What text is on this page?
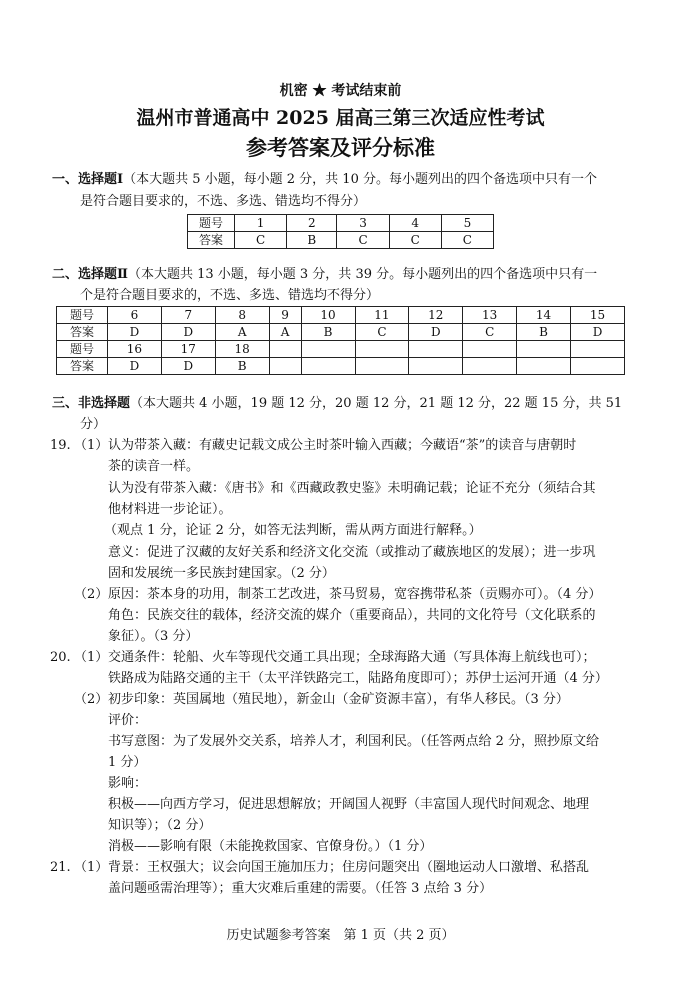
机密 ★ 考试结束前
温州市普通高中 2025 届高三第三次适应性考试
参考答案及评分标准
一、选择题Ⅰ（本大题共 5 小题，每小题 2 分，共 10 分。每小题列出的四个备选项中只有一个
是符合题目要求的，不选、多选、错选均不得分）
题号	1	2	3	4	5
答案	C	B	C	C	C
二、选择题Ⅱ（本大题共 13 小题，每小题 3 分，共 39 分。每小题列出的四个备选项中只有一
个是符合题目要求的，不选、多选、错选均不得分）
题号	6	7	8	9	10	11	12	13	14	15
答案	D	D	A	A	B	C	D	C	B	D
题号	16	17	18							
答案	D	D	B							
三、非选择题（本大题共 4 小题，19 题 12 分，20 题 12 分，21 题 12 分，22 题 15 分，共 51
分）
19. （1） 认为带茶入藏：有藏史记载文成公主时茶叶输入西藏；今藏语“茶”的读音与唐朝时
茶的读音一样。
认为没有带茶入藏：《唐书》和《西藏政教史鉴》未明确记载；论证不充分（须结合其
他材料进一步论证）。
（观点 1 分，论证 2 分，如答无法判断，需从两方面进行解释。）
意义：促进了汉藏的友好关系和经济文化交流（或推动了藏族地区的发展）；进一步巩
固和发展统一多民族封建国家。（2 分）
（2） 原因：茶本身的功用，制茶工艺改进，茶马贸易，宽容携带私茶（贡赐亦可）。（4 分）
角色：民族交往的载体，经济交流的媒介（重要商品），共同的文化符号（文化联系的
象征）。（3 分）
20. （1） 交通条件：轮船、火车等现代交通工具出现；全球海路大通（写具体海上航线也可）；
铁路成为陆路交通的主干（太平洋铁路完工，陆路角度即可）；苏伊士运河开通（4 分）
（2） 初步印象：英国属地（殖民地），新金山（金矿资源丰富），有华人移民。（3 分）
评价：
书写意图：为了发展外交关系，培养人才，利国利民。（任答两点给 2 分，照抄原文给
1 分）
影响：
积极——向西方学习，促进思想解放；开阔国人视野（丰富国人现代时间观念、地理
知识等）；（2 分）
消极——影响有限（未能挽救国家、官僚身份。）（1 分）
21. （1） 背景：王权强大；议会向国王施加压力；住房问题突出（圈地运动人口激增、私搭乱
盖问题亟需治理等）；重大灾难后重建的需要。（任答 3 点给 3 分）
历史试题参考答案　第 1 页（共 2 页）
